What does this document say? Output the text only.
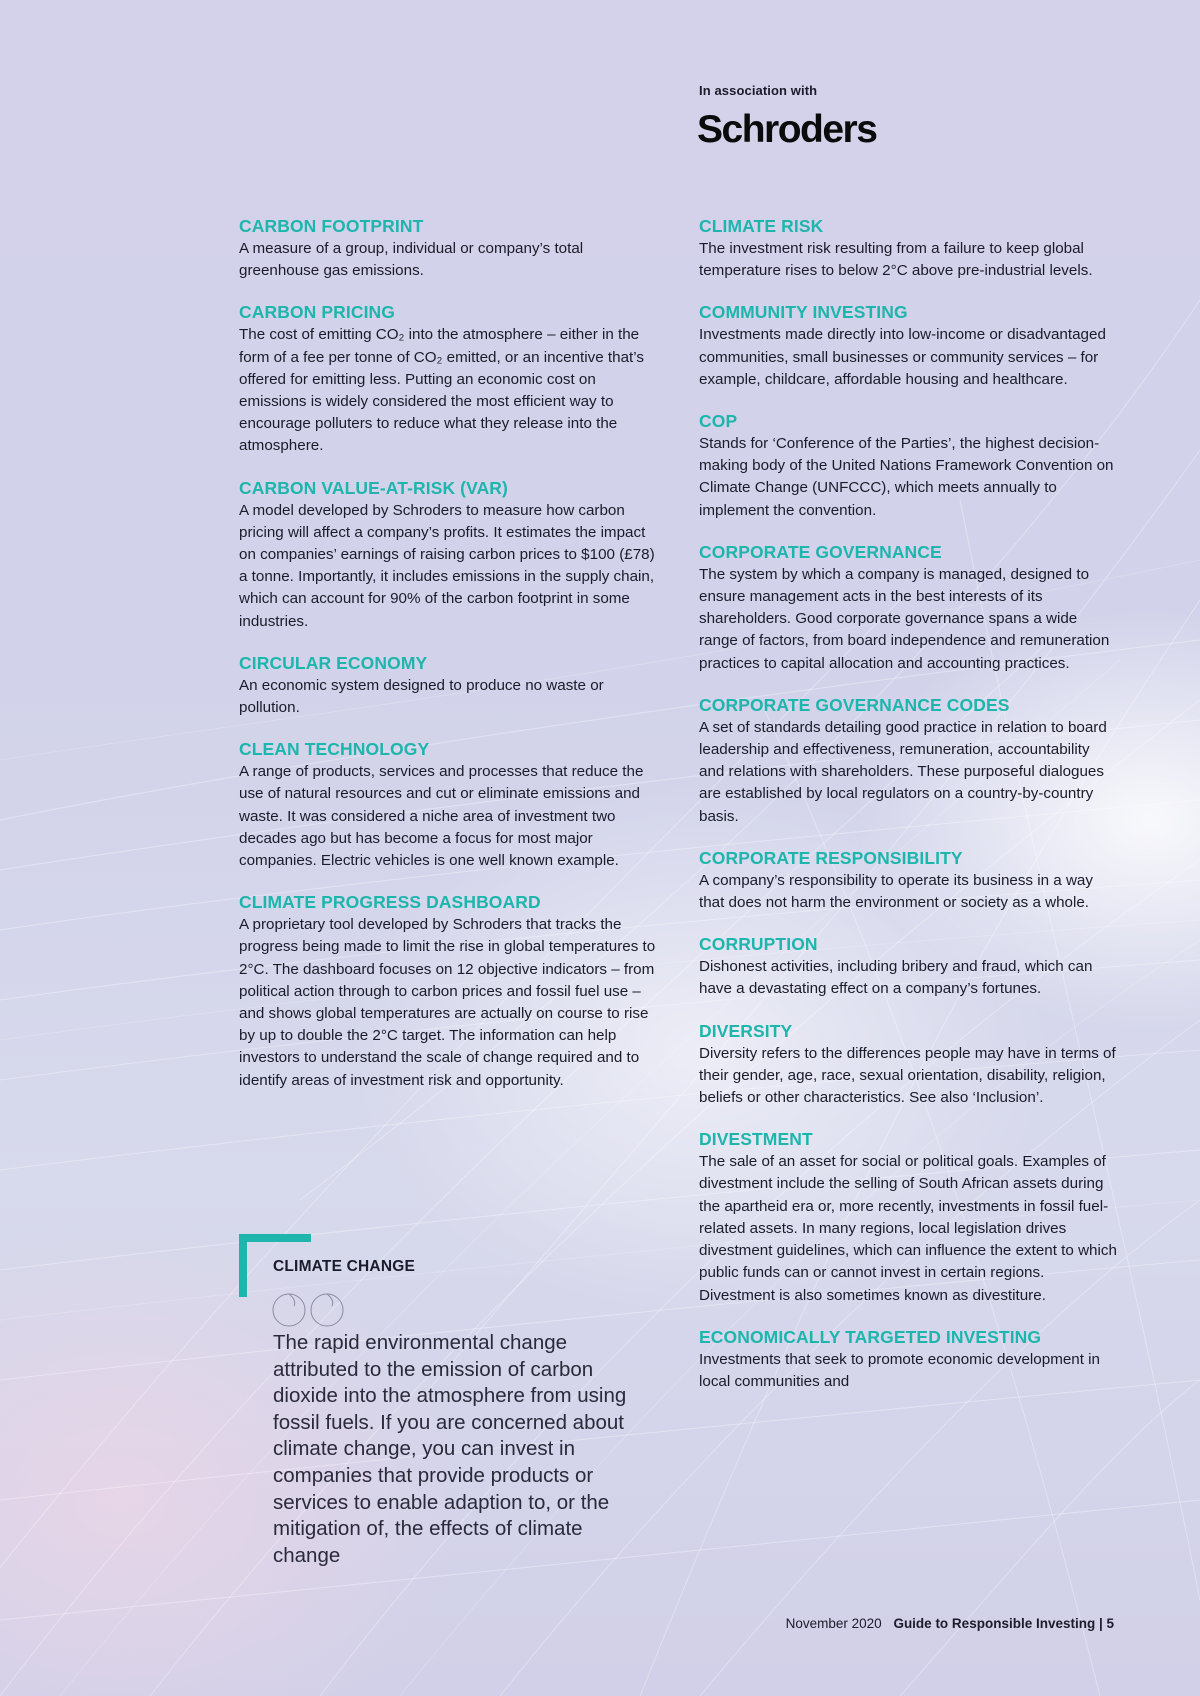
In association with
Schroders
CARBON FOOTPRINT

A measure of a group, individual or company’s total greenhouse gas emissions.

CARBON PRICING

The cost of emitting CO₂ into the atmosphere – either in the form of a fee per tonne of CO₂ emitted, or an incentive that’s offered for emitting less. Putting an economic cost on emissions is widely considered the most efficient way to encourage polluters to reduce what they release into the atmosphere.

CARBON VALUE-AT-RISK (VAR)

A model developed by Schroders to measure how carbon pricing will affect a company’s profits. It estimates the impact on companies’ earnings of raising carbon prices to $100 (£78) a tonne. Importantly, it includes emissions in the supply chain, which can account for 90% of the carbon footprint in some industries.

CIRCULAR ECONOMY

An economic system designed to produce no waste or pollution.

CLEAN TECHNOLOGY

A range of products, services and processes that reduce the use of natural resources and cut or eliminate emissions and waste. It was considered a niche area of investment two decades ago but has become a focus for most major companies. Electric vehicles is one well known example.

CLIMATE PROGRESS DASHBOARD

A proprietary tool developed by Schroders that tracks the progress being made to limit the rise in global temperatures to 2°C. The dashboard focuses on 12 objective indicators – from political action through to carbon prices and fossil fuel use – and shows global temperatures are actually on course to rise by up to double the 2°C target. The information can help investors to understand the scale of change required and to identify areas of investment risk and opportunity.

CLIMATE RISK

The investment risk resulting from a failure to keep global temperature rises to below 2°C above pre-industrial levels.

COMMUNITY INVESTING

Investments made directly into low-income or disadvantaged communities, small businesses or community services – for example, childcare, affordable housing and healthcare.

COP

Stands for ‘Conference of the Parties’, the highest decision-making body of the United Nations Framework Convention on Climate Change (UNFCCC), which meets annually to implement the convention.

CORPORATE GOVERNANCE

The system by which a company is managed, designed to ensure management acts in the best interests of its shareholders. Good corporate governance spans a wide range of factors, from board independence and remuneration practices to capital allocation and accounting practices.

CORPORATE GOVERNANCE CODES

A set of standards detailing good practice in relation to board leadership and effectiveness, remuneration, accountability and relations with shareholders. These purposeful dialogues are established by local regulators on a country-by-country basis.

CORPORATE RESPONSIBILITY

A company’s responsibility to operate its business in a way that does not harm the environment or society as a whole.

CORRUPTION

Dishonest activities, including bribery and fraud, which can have a devastating effect on a company’s fortunes.

DIVERSITY

Diversity refers to the differences people may have in terms of their gender, age, race, sexual orientation, disability, religion, beliefs or other characteristics. See also ‘Inclusion’.

DIVESTMENT

The sale of an asset for social or political goals. Examples of divestment include the selling of South African assets during the apartheid era or, more recently, investments in fossil fuel-related assets. In many regions, local legislation drives divestment guidelines, which can influence the extent to which public funds can or cannot invest in certain regions. Divestment is also sometimes known as divestiture.

ECONOMICALLY TARGETED INVESTING

Investments that seek to promote economic development in local communities and

CLIMATE CHANGE
The rapid environmental change attributed to the emission of carbon dioxide into the atmosphere from using fossil fuels. If you are concerned about climate change, you can invest in companies that provide products or services to enable adaption to, or the mitigation of, the effects of climate change
November 2020 Guide to Responsible Investing | 5
